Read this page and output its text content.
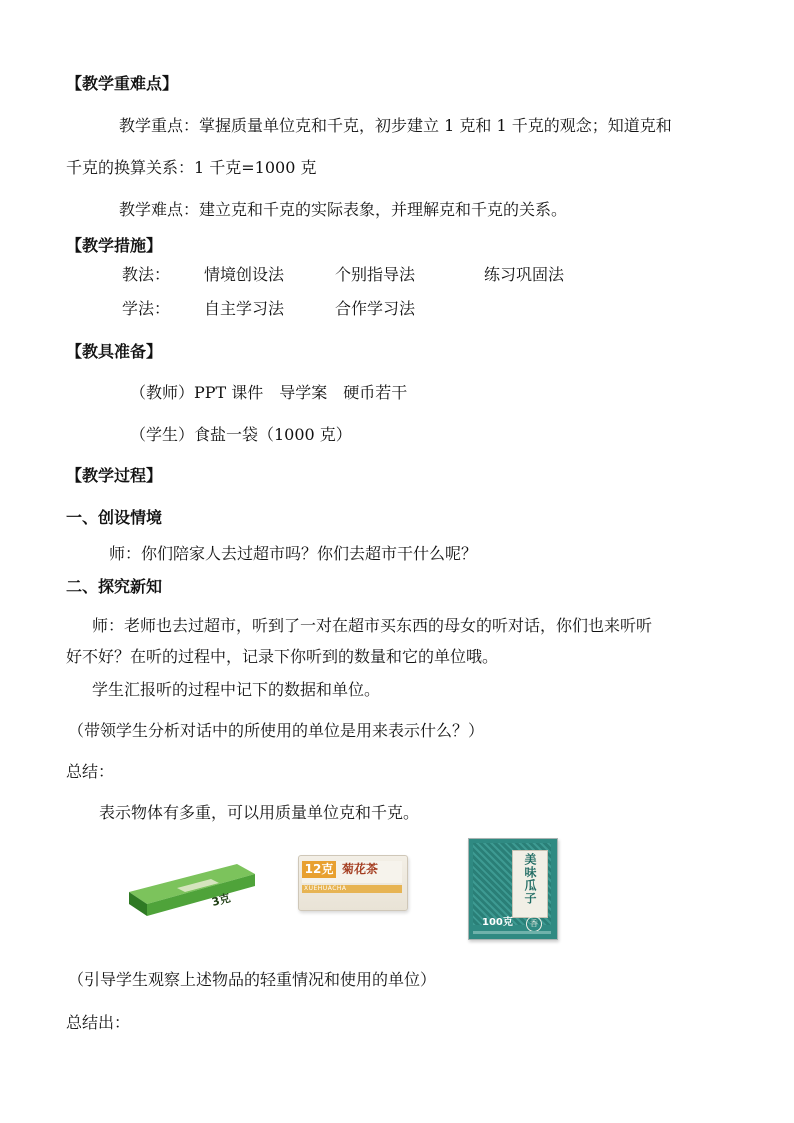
【教学重难点】
教学重点：掌握质量单位克和千克，初步建立 1 克和 1 千克的观念；知道克和
千克的换算关系：1 千克=1000 克
教学难点：建立克和千克的实际表象，并理解克和千克的关系。
【教学措施】
教法： 情境创设法	个别指导法	练习巩固法
学法： 自主学习法	合作学习法
【教具准备】
（教师）PPT 课件　导学案　硬币若干
（学生）食盐一袋（1000 克）
【教学过程】
一、创设情境
师：你们陪家人去过超市吗？你们去超市干什么呢？
二、探究新知
师：老师也去过超市，听到了一对在超市买东西的母女的听对话，你们也来听听
好不好？在听的过程中，记录下你听到的数量和它的单位哦。
学生汇报听的过程中记下的数据和单位。
（带领学生分析对话中的所使用的单位是用来表示什么？）
总结：
表示物体有多重，可以用质量单位克和千克。
3克
12克 菊花茶
XUEHUACHA	美味瓜子
100克	香
（引导学生观察上述物品的轻重情况和使用的单位）
总结出：
